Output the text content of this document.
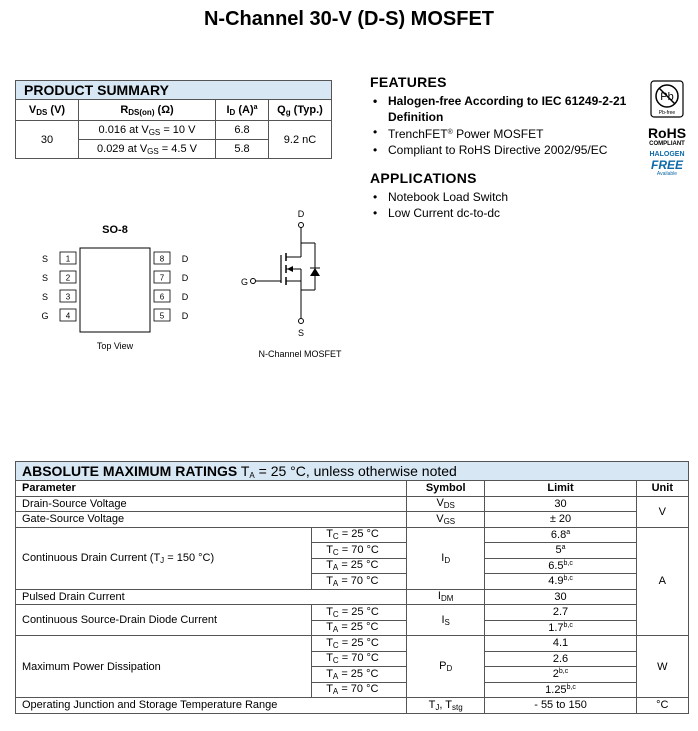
N-Channel 30-V (D-S) MOSFET
PRODUCT SUMMARY			
$V_{DS}$ (V)	$R_{DS(on)}$ (Ω)	$I_D$ $(A)^a$	$Q_g$ (Typ.)
30	0.016 at $V_{GS} = 10$ V	6.8	9.2 nC
	0.029 at $V_{GS} = 4.5$ V	5.8	
FEATURES
• Halogen-free According to IEC 61249-2-21 Definition
• TrenchFET® Power MOSFET
• Compliant to RoHS Directive 2002/95/EC
APPLICATIONS
• Notebook Load Switch
• Low Current dc-to-dc
Pb
Pb-free
RoHS
COMPLIANT
HALOGEN
FREE
Available
SO-8
S 1
S 2
S 3
G 4
8 D
7 D
6 D
5 D
Top View
D
G
S
N-Channel MOSFET
ABSOLUTE MAXIMUM RATINGS $T_A = 25$ °C, unless otherwise noted				
Parameter		Symbol	Limit	Unit
Drain-Source Voltage		$V_{DS}$	30	V
Gate-Source Voltage		$V_{GS}$	± 20	
Continuous Drain Current ($T_J = 150$ °C)	$T_C = 25$ °C	$I_D$	6.8$^a$	A
	$T_C = 70$ °C		5$^a$
	$T_A = 25$ °C		6.5$^{b,c}$
	$T_A = 70$ °C		4.9$^{b,c}$
Pulsed Drain Current		$I_{DM}$	30	
Continuous Source-Drain Diode Current	$T_C = 25$ °C	$I_S$	2.7	
	$T_A = 25$ °C		1.7$^{b,c}$
Maximum Power Dissipation	$T_C = 25$ °C	$P_D$	4.1	W
	$T_C = 70$ °C		2.6	
	$T_A = 25$ °C		2$^{b,c}$
	$T_A = 70$ °C		1.25$^{b,c}$
Operating Junction and Storage Temperature Range		$T_J$, $T_{stg}$	- 55 to 150	°C
